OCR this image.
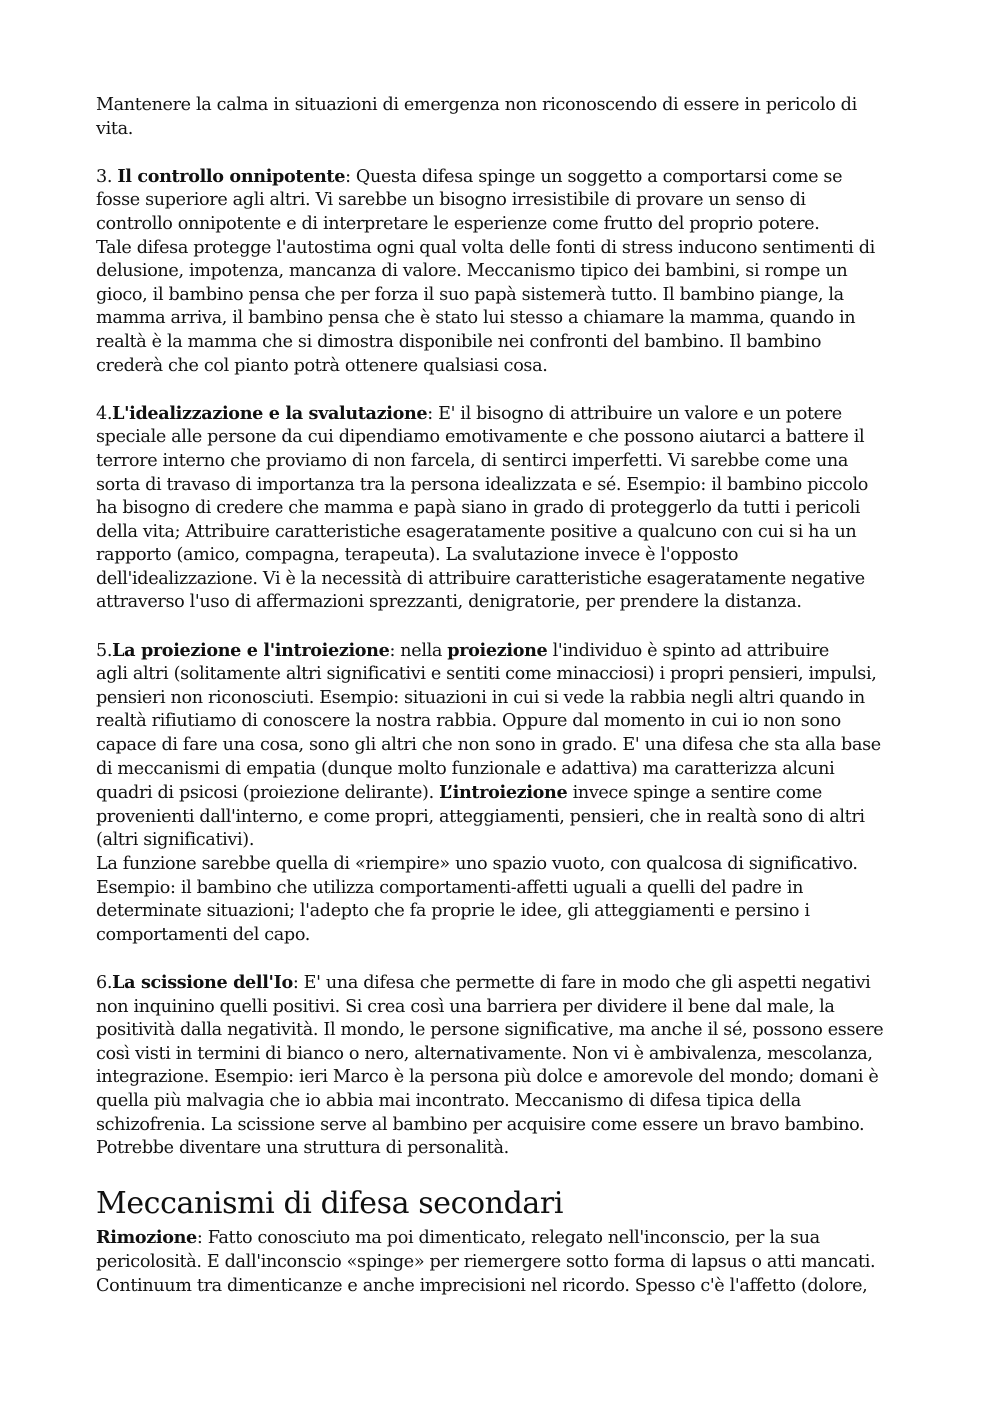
Mantenere la calma in situazioni di emergenza non riconoscendo di essere in pericolo di
vita.

3. Il controllo onnipotente: Questa difesa spinge un soggetto a comportarsi come se
fosse superiore agli altri. Vi sarebbe un bisogno irresistibile di provare un senso di
controllo onnipotente e di interpretare le esperienze come frutto del proprio potere.
Tale difesa protegge l'autostima ogni qual volta delle fonti di stress inducono sentimenti di
delusione, impotenza, mancanza di valore. Meccanismo tipico dei bambini, si rompe un
gioco, il bambino pensa che per forza il suo papà sistemerà tutto. Il bambino piange, la
mamma arriva, il bambino pensa che è stato lui stesso a chiamare la mamma, quando in
realtà è la mamma che si dimostra disponibile nei confronti del bambino. Il bambino
crederà che col pianto potrà ottenere qualsiasi cosa.

4.L'idealizzazione e la svalutazione: E' il bisogno di attribuire un valore e un potere
speciale alle persone da cui dipendiamo emotivamente e che possono aiutarci a battere il
terrore interno che proviamo di non farcela, di sentirci imperfetti. Vi sarebbe come una
sorta di travaso di importanza tra la persona idealizzata e sé. Esempio: il bambino piccolo
ha bisogno di credere che mamma e papà siano in grado di proteggerlo da tutti i pericoli
della vita; Attribuire caratteristiche esageratamente positive a qualcuno con cui si ha un
rapporto (amico, compagna, terapeuta). La svalutazione invece è l'opposto
dell'idealizzazione. Vi è la necessità di attribuire caratteristiche esageratamente negative
attraverso l'uso di affermazioni sprezzanti, denigratorie, per prendere la distanza.

5.La proiezione e l'introiezione: nella proiezione l'individuo è spinto ad attribuire
agli altri (solitamente altri significativi e sentiti come minacciosi) i propri pensieri, impulsi,
pensieri non riconosciuti. Esempio: situazioni in cui si vede la rabbia negli altri quando in
realtà rifiutiamo di conoscere la nostra rabbia. Oppure dal momento in cui io non sono
capace di fare una cosa, sono gli altri che non sono in grado. E' una difesa che sta alla base
di meccanismi di empatia (dunque molto funzionale e adattiva) ma caratterizza alcuni
quadri di psicosi (proiezione delirante). L’introiezione invece spinge a sentire come
provenienti dall'interno, e come propri, atteggiamenti, pensieri, che in realtà sono di altri
(altri significativi).
La funzione sarebbe quella di «riempire» uno spazio vuoto, con qualcosa di significativo.
Esempio: il bambino che utilizza comportamenti-affetti uguali a quelli del padre in
determinate situazioni; l'adepto che fa proprie le idee, gli atteggiamenti e persino i
comportamenti del capo.

6.La scissione dell'Io: E' una difesa che permette di fare in modo che gli aspetti negativi
non inquinino quelli positivi. Si crea così una barriera per dividere il bene dal male, la
positività dalla negatività. Il mondo, le persone significative, ma anche il sé, possono essere
così visti in termini di bianco o nero, alternativamente. Non vi è ambivalenza, mescolanza,
integrazione. Esempio: ieri Marco è la persona più dolce e amorevole del mondo; domani è
quella più malvagia che io abbia mai incontrato. Meccanismo di difesa tipica della
schizofrenia. La scissione serve al bambino per acquisire come essere un bravo bambino.
Potrebbe diventare una struttura di personalità.

Meccanismi di difesa secondari

Rimozione: Fatto conosciuto ma poi dimenticato, relegato nell'inconscio, per la sua
pericolosità. E dall'inconscio «spinge» per riemergere sotto forma di lapsus o atti mancati.
Continuum tra dimenticanze e anche imprecisioni nel ricordo. Spesso c'è l'affetto (dolore,
